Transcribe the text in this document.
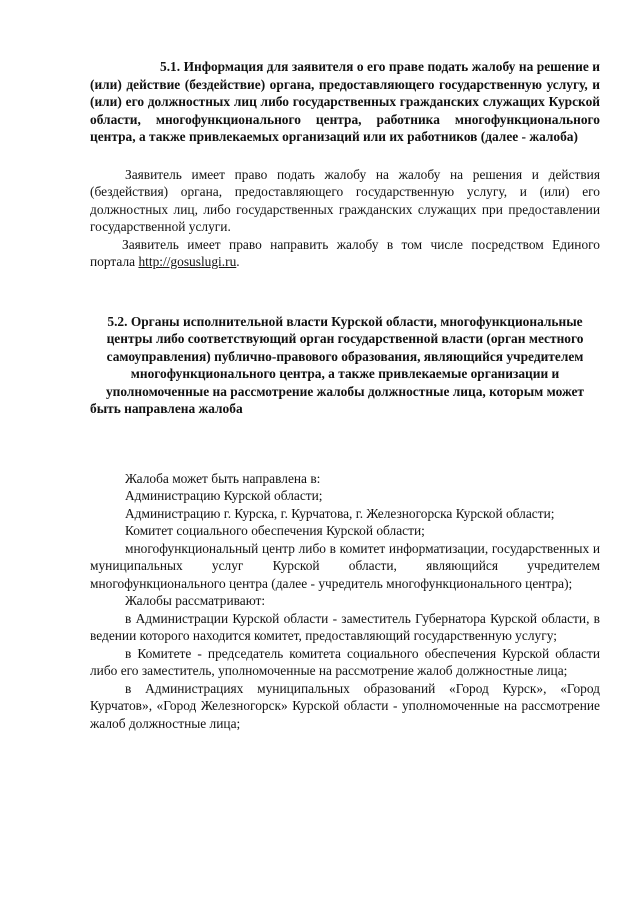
5.1. Информация для заявителя о его праве подать жалобу на решение и (или) действие (бездействие) органа, предоставляющего государственную услугу, и (или) его должностных лиц либо государственных гражданских служащих Курской области, многофункционального центра, работника многофункционального центра, а также привлекаемых организаций или их работников (далее - жалоба)

Заявитель имеет право подать жалобу на жалобу на решения и действия (бездействия) органа, предоставляющего государственную услугу, и (или) его должностных лиц, либо государственных гражданских служащих при предоставлении государственной услуги.

Заявитель имеет право направить жалобу в том числе посредством Единого портала http://gosuslugi.ru.

5.2. Органы исполнительной власти Курской области, многофункциональные центры либо соответствующий орган государственной власти (орган местного самоуправления) публично-правового образования, являющийся учредителем многофункционального центра, а также привлекаемые организации и уполномоченные на рассмотрение жалобы должностные лица, которым может быть направлена жалоба

Жалоба может быть направлена в:

Администрацию Курской области;

Администрацию г. Курска, г. Курчатова, г. Железногорска Курской области;

Комитет социального обеспечения Курской области;

многофункциональный центр либо в комитет информатизации, государственных и муниципальных услуг Курской области, являющийся учредителем многофункционального центра (далее - учредитель многофункционального центра);

Жалобы рассматривают:

в Администрации Курской области - заместитель Губернатора Курской области, в ведении которого находится комитет, предоставляющий государственную услугу;

в Комитете - председатель комитета социального обеспечения Курской области либо его заместитель, уполномоченные на рассмотрение жалоб должностные лица;

в Администрациях муниципальных образований «Город Курск», «Город Курчатов», «Город Железногорск» Курской области - уполномоченные на рассмотрение жалоб должностные лица;
